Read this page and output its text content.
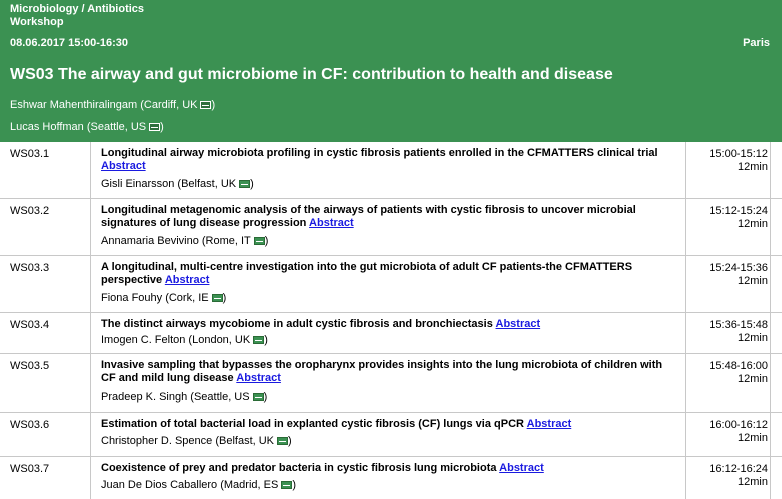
Microbiology / Antibiotics
Workshop
08.06.2017 15:00-16:30	Paris
WS03 The airway and gut microbiome in CF: contribution to health and disease
Eshwar Mahenthiralingam (Cardiff, UK )
Lucas Hoffman (Seattle, US )
WS03.1	Longitudinal airway microbiota profiling in cystic fibrosis patients enrolled in the CFMATTERS clinical trial Abstract
Gisli Einarsson (Belfast, UK )
15:00-15:12
12min
WS03.2	Longitudinal metagenomic analysis of the airways of patients with cystic fibrosis to uncover microbial signatures of lung disease progression Abstract
Annamaria Bevivino (Rome, IT )
15:12-15:24
12min
WS03.3	A longitudinal, multi-centre investigation into the gut microbiota of adult CF patients-the CFMATTERS perspective Abstract
Fiona Fouhy (Cork, IE )
15:24-15:36
12min
WS03.4	The distinct airways mycobiome in adult cystic fibrosis and bronchiectasis Abstract
Imogen C. Felton (London, UK )
15:36-15:48
12min
WS03.5	Invasive sampling that bypasses the oropharynx provides insights into the lung microbiota of children with CF and mild lung disease Abstract
Pradeep K. Singh (Seattle, US )
15:48-16:00
12min
WS03.6	Estimation of total bacterial load in explanted cystic fibrosis (CF) lungs via qPCR Abstract
Christopher D. Spence (Belfast, UK )
16:00-16:12
12min
WS03.7	Coexistence of prey and predator bacteria in cystic fibrosis lung microbiota Abstract
Juan De Dios Caballero (Madrid, ES )
16:12-16:24
12min
